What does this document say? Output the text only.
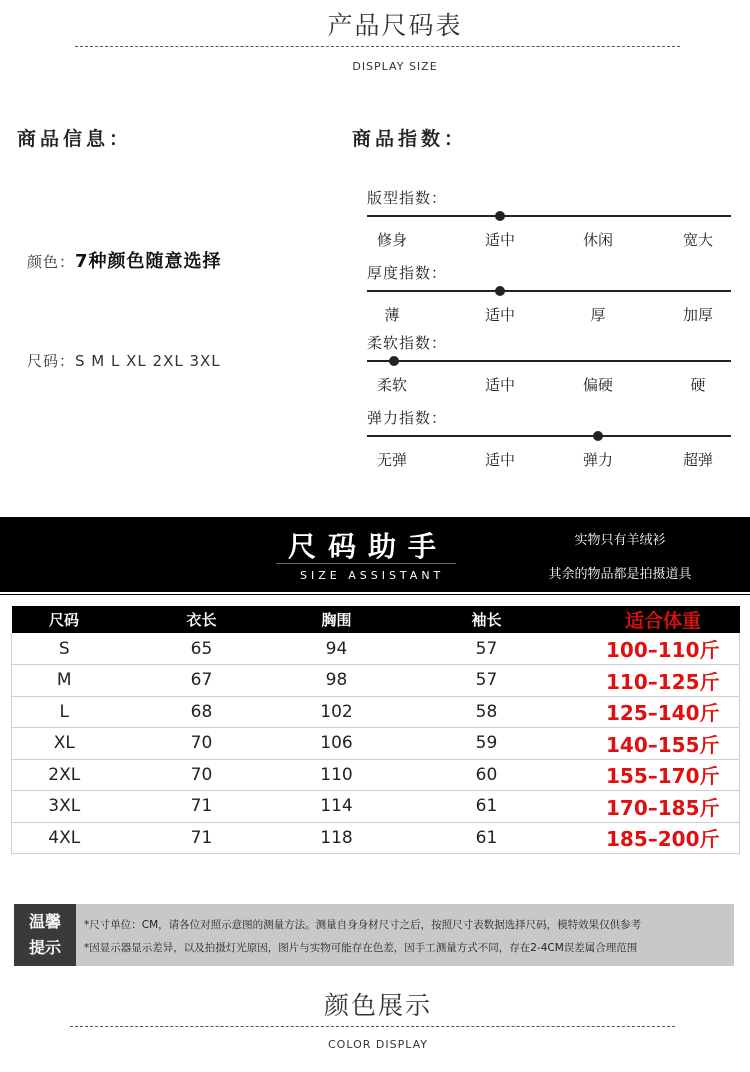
产品尺码表
DISPLAY SIZE
商品信息：
颜色：7种颜色随意选择
尺码：S M L XL 2XL 3XL
商品指数：
版型指数：
修身	适中	休闲	宽大
厚度指数：
薄	适中	厚	加厚
柔软指数：
柔软	适中	偏硬	硬
弹力指数：
无弹	适中	弹力	超弹
尺码助手
SIZE ASSISTANT
实物只有羊绒衫
其余的物品都是拍摄道具
尺码	衣长	胸围	袖长	适合体重
S	65	94	57	100–110斤
M	67	98	57	110–125斤
L	68	102	58	125–140斤
XL	70	106	59	140–155斤
2XL	70	110	60	155–170斤
3XL	71	114	61	170–185斤
4XL	71	118	61	185–200斤
温馨
提示
*尺寸单位：CM，请各位对照示意图的测量方法。测量自身身材尺寸之后，按照尺寸表数据选择尺码，模特效果仅供参考
*因显示器显示差异，以及拍摄灯光原因，图片与实物可能存在色差，因手工测量方式不同，存在2-4CM误差属合理范围
颜色展示
COLOR DISPLAY
